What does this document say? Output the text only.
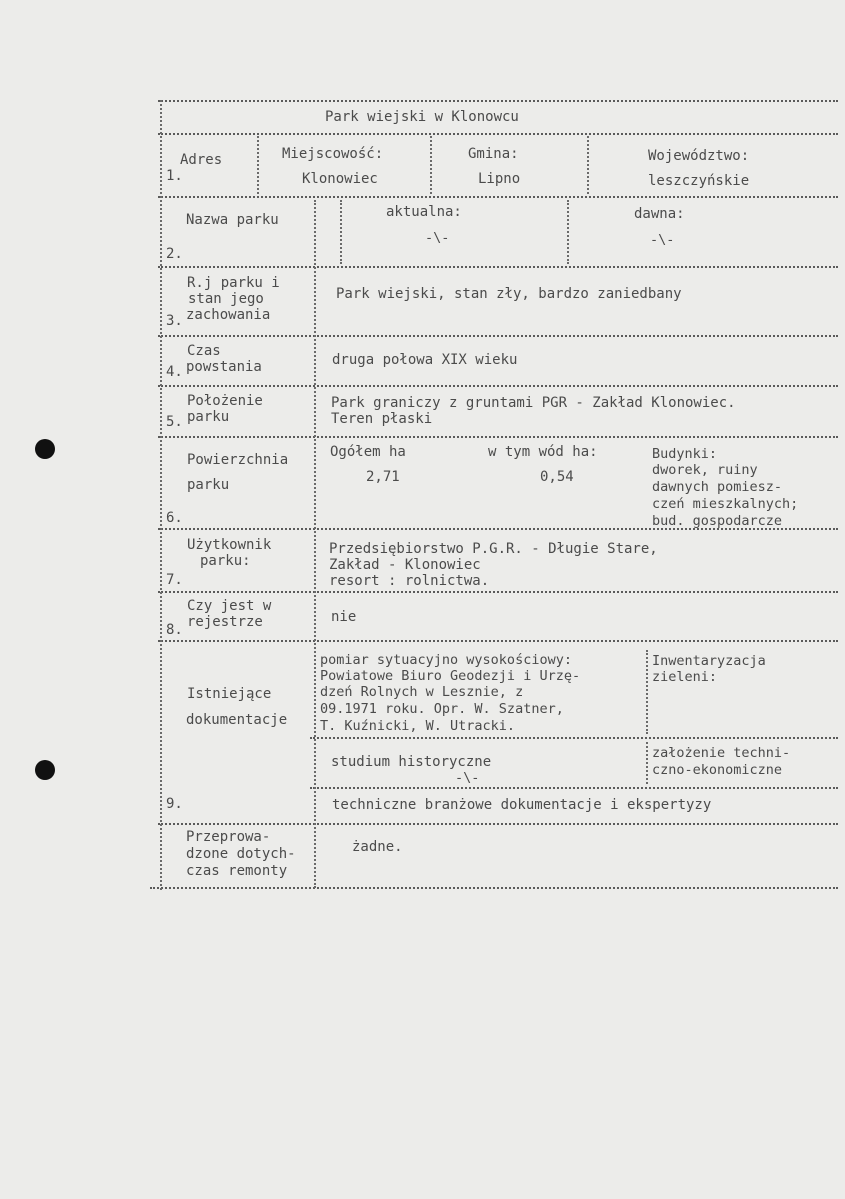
Park wiejski w Klonowcu
Adres
1.
Miejscowość:
Klonowiec
Gmina:
Lipno
Województwo:
leszczyńskie
Nazwa parku
2.
aktualna:
-\-
dawna:
-\-
R.j parku i
stan jego
zachowania
3.
Park wiejski, stan zły, bardzo zaniedbany
Czas
powstania
4.
druga połowa XIX wieku
Położenie
parku
5.
Park graniczy z gruntami PGR - Zakład Klonowiec.
Teren płaski
Powierzchnia
parku
6.
Ogółem ha
2,71
w tym wód ha:
0,54
Budynki:
dworek, ruiny
dawnych pomiesz-
czeń mieszkalnych;
bud. gospodarcze
Użytkownik
parku:
7.
Przedsiębiorstwo P.G.R. - Długie Stare,
Zakład - Klonowiec
resort : rolnictwa.
Czy jest w
rejestrze
8.
nie
Istniejące
dokumentacje
9.
pomiar sytuacyjno wysokościowy:
Powiatowe Biuro Geodezji i Urzę-
dzeń Rolnych w Lesznie, z
09.1971 roku. Opr. W. Szatner,
T. Kuźnicki, W. Utracki.
Inwentaryzacja
zieleni:
studium historyczne
-\-
założenie techni-
czno-ekonomiczne
techniczne branżowe dokumentacje i ekspertyzy
Przeprowa-
dzone dotych-
czas remonty
żadne.
